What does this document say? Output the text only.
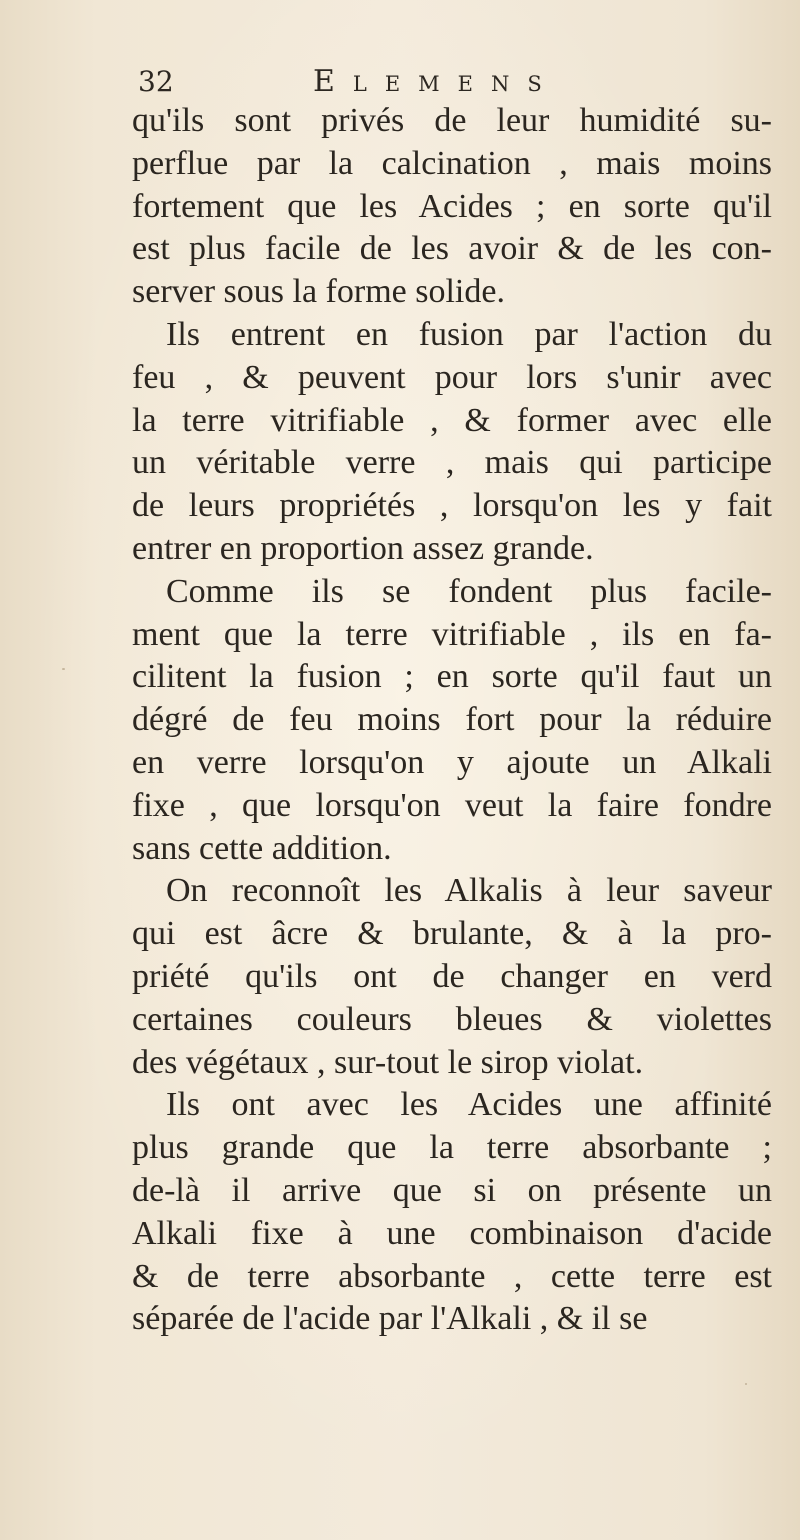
32	Elemens
qu'ils sont privés de leur humidité su-
perflue par la calcination , mais moins
fortement que les Acides ; en sorte qu'il
est plus facile de les avoir & de les con-
server sous la forme solide.
Ils entrent en fusion par l'action du
feu , & peuvent pour lors s'unir avec
la terre vitrifiable , & former avec elle
un véritable verre , mais qui participe
de leurs propriétés , lorsqu'on les y fait
entrer en proportion assez grande.
Comme ils se fondent plus facile-
ment que la terre vitrifiable , ils en fa-
cilitent la fusion ; en sorte qu'il faut un
dégré de feu moins fort pour la réduire
en verre lorsqu'on y ajoute un Alkali
fixe , que lorsqu'on veut la faire fondre
sans cette addition.
On reconnoît les Alkalis à leur saveur
qui est âcre & brulante, & à la pro-
priété qu'ils ont de changer en verd
certaines couleurs bleues & violettes
des végétaux , sur-tout le sirop violat.
Ils ont avec les Acides une affinité
plus grande que la terre absorbante ;
de-là il arrive que si on présente un
Alkali fixe à une combinaison d'acide
& de terre absorbante , cette terre est
séparée de l'acide par l'Alkali , & il se
